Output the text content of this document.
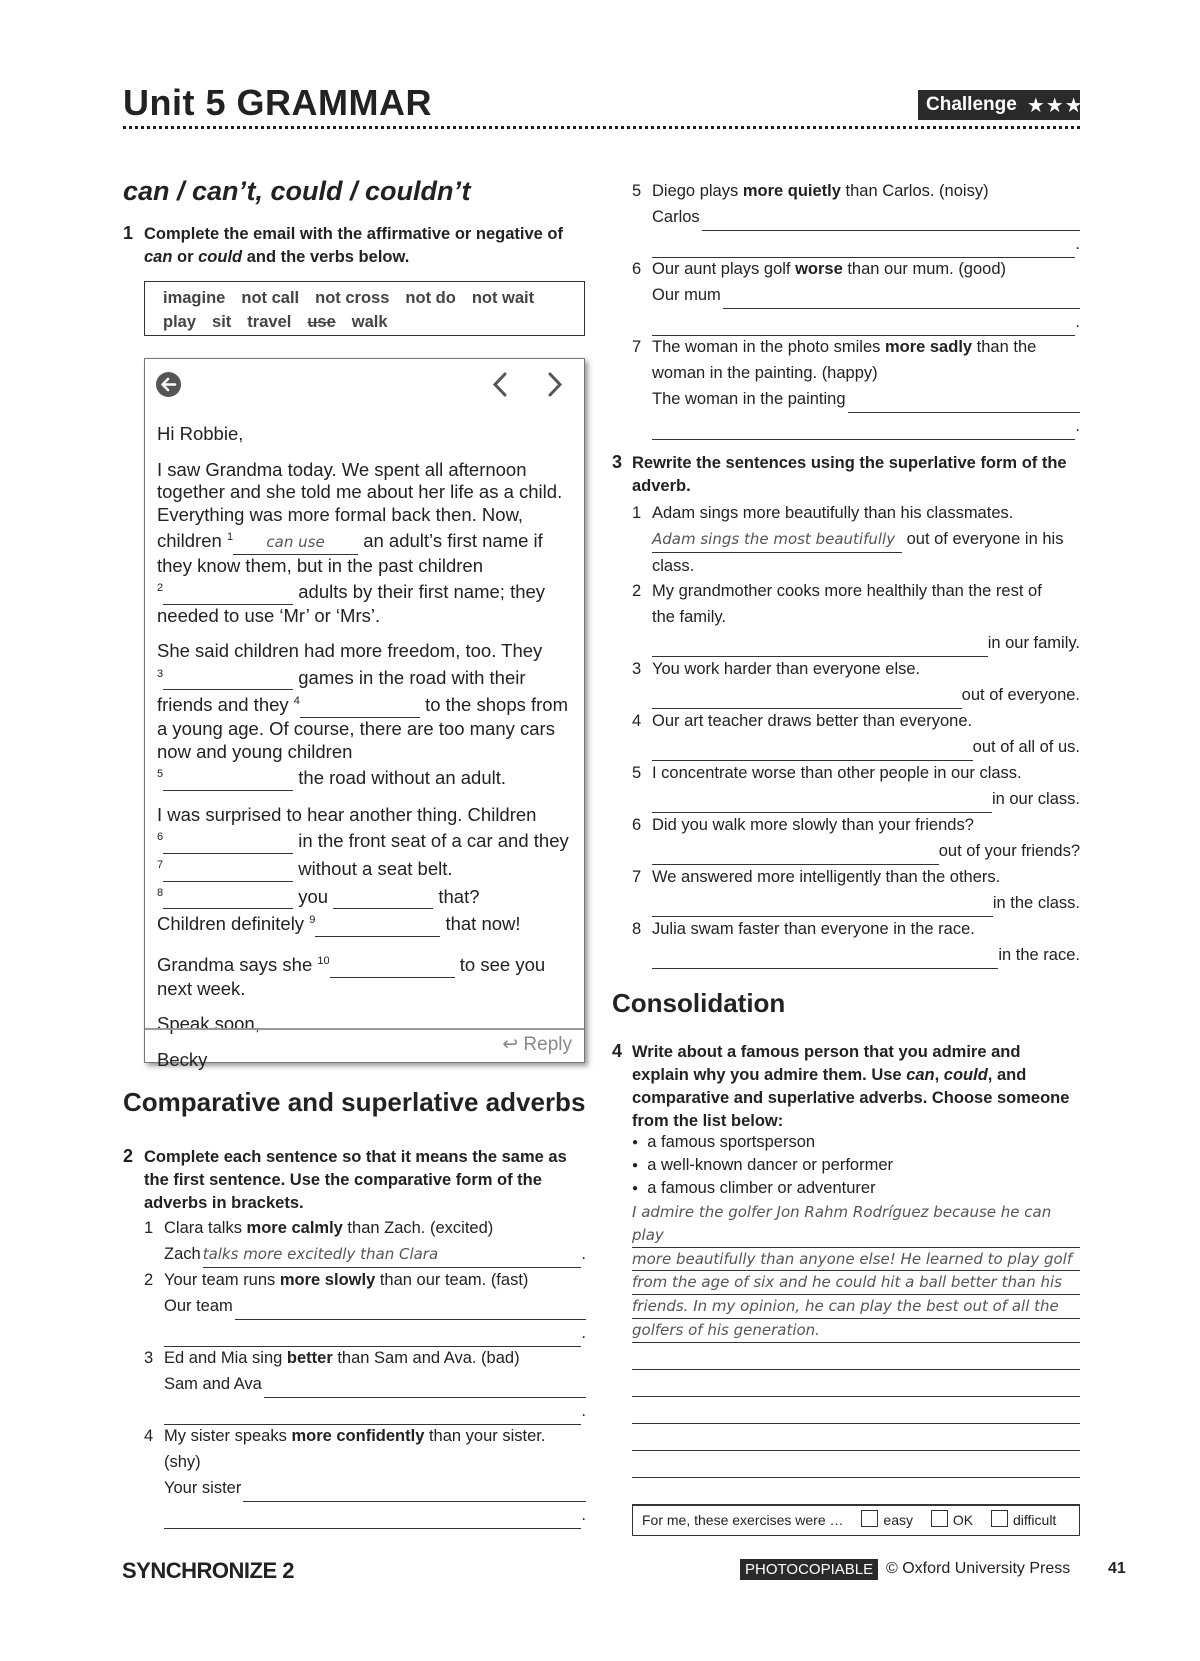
Unit 5 GRAMMAR	Challenge ★★★
can / can’t, could / couldn’t
1 Complete the email with the affirmative or negative of can or could and the verbs below.
imagine not call not cross not do not wait
play sit travel use walk

Hi Robbie,

I saw Grandma today. We spent all afternoon together and she told me about her life as a child. Everything was more formal back then. Now, children $^1$ can use an adult’s first name if they know them, but in the past children
$^2$	adults by their first name; they needed to use ‘Mr’ or ‘Mrs’.

She said children had more freedom, too. They
$^3$	games in the road with their friends and they $^4$	to the shops from a young age. Of course, there are too many cars now and young children
$^5$	the road without an adult.

I was surprised to hear another thing. Children
$^6$	in the front seat of a car and they $^7$	without a seat belt.
$^8$	you	that?
Children definitely $^9$	that now!

Grandma says she $^{10}$	to see you next week.

Speak soon,

Becky

↩ Reply
Comparative and superlative adverbs
2 Complete each sentence so that it means the same as the first sentence. Use the comparative form of the adverbs in brackets.
1 Clara talks more calmly than Zach. (excited)
Zach talks more excitedly than Clara	.
2 Your team runs more slowly than our team. (fast)
Our team

.
3 Ed and Mia sing better than Sam and Ava. (bad)
Sam and Ava

.
4 My sister speaks more confidently than your sister.
(shy)
Your sister

.
5 Diego plays more quietly than Carlos. (noisy)
Carlos

.
6 Our aunt plays golf worse than our mum. (good)
Our mum

.
7 The woman in the photo smiles more sadly than the
woman in the painting. (happy)
The woman in the painting

.
3 Rewrite the sentences using the superlative form of the adverb.
1 Adam sings more beautifully than his classmates.
Adam sings the most beautifully
out of everyone in his
class.
2 My grandmother cooks more healthily than the rest of
the family.

in our family.
3 You work harder than everyone else.

out of everyone.
4 Our art teacher draws better than everyone.

out of all of us.
5 I concentrate worse than other people in our class.

in our class.
6 Did you walk more slowly than your friends?

out of your friends?
7 We answered more intelligently than the others.

in the class.
8 Julia swam faster than everyone in the race.

in the race.
Consolidation
4 Write about a famous person that you admire and explain why you admire them. Use can, could, and comparative and superlative adverbs. Choose someone from the list below:
● a famous sportsperson
● a well-known dancer or performer
● a famous climber or adventurer
I admire the golfer Jon Rahm Rodríguez because he can play
more beautifully than anyone else! He learned to play golf
from the age of six and he could hit a ball better than his
friends. In my opinion, he can play the best out of all the
golfers of his generation.
For me, these exercises were …	easy	OK	difficult
SYNCHRONIZE 2	PHOTOCOPIABLE © Oxford University Press 41
